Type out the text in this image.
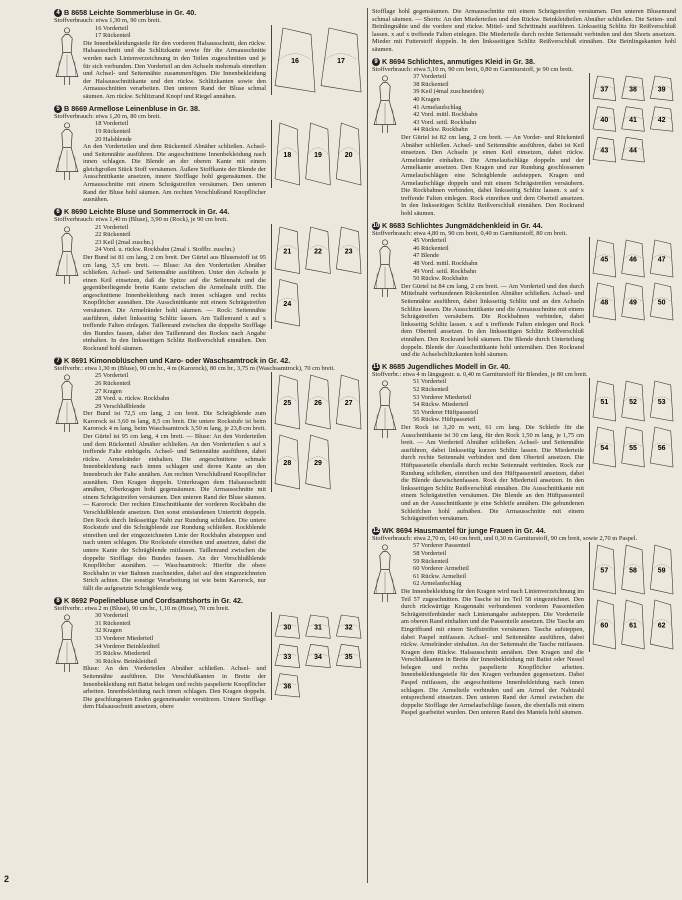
4 B 8658 Leichte Sommerbluse in Gr. 40.

Stoffverbrauch: etwa 1,30 m, 90 cm breit.

16 Vorderteil
17 Rückenteil

Die Innenbekleidungsteile für den vorderen Halsausschnitt, den rückw. Halsausschnitt und die Schlitzkante sowie für die Armausschnitte werden nach Linienverzeichnung in den Teilen zugeschnitten und je für sich verbunden. Den Vorderteil an den Achseln mehrmals einreihen und Achsel- und Seitennähte zusammenfügen. Die Innenbekleidung der Halsausschnittkante und den rückw. Schlitzkanten sowie den Armausschnitten verarbeiten. Den unteren Rand der Bluse schmal säumen. Am rückw. Schlitzrand Knopf und Riegel annähen.

16	17
5 B 8669 Armellose Leinenbluse in Gr. 38.

Stoffverbrauch: etwa 1,20 m, 80 cm breit.

18 Vorderteil
19 Rückenteil
20 Halsblende

An den Vorderteilen und dem Rückenteil Abnäher schließen. Achsel- und Seitennähte ausführen. Die angeschnittene Innenbekleidung nach innen schlagen. Die Blende an der oberen Kante mit einem gleichgroßen Stück Stoff versäumen. Äußere Stoffkante der Blende der Ausschnittkante ansetzen, innere Stofflage hohl gegensäumen. Die Armausschnitte mit einem Schrägstreifen versäumen. Den unteren Rand der Bluse hohl säumen. Am rechten Verschlußrand Knopflöcher ausnähen.

18	19	20
6 K 8690 Leichte Bluse und Sommerrock in Gr. 44.

Stoffverbrauch: etwa 1,40 m (Bluse), 3,90 m (Rock), je 90 cm breit.

21 Vorderteil
22 Rückenteil
23 Keil (2mal zuschn.)
24 Vord. u. rückw. Rockbahn (2mal i. Stoffbr. zuschn.)

Der Bund ist 81 cm lang, 2 cm breit. Der Gürtel aus Blusenstoff ist 95 cm lang, 3,5 cm breit. — Bluse: An den Vorderteilen Abnäher schließen. Achsel- und Seitennähte ausführen. Unter den Achseln je einen Keil einsetzen, daß die Spitze auf die Seitennaht und die gegenüberliegende breite Kante zwischen die Armelnaht trifft. Die angeschnittene Innenbekleidung nach innen schlagen und rechts Knopflöcher ausnähen. Die Ausschnittkante mit einem Schrägstreifen versäumen. Die Armelränder hohl säumen. — Rock: Seitennähte ausführen, dabei linksseitig Schlitz lassen. Am Taillenrand x auf x treffende Falten einlegen. Taillenrand zwischen die doppelte Stofflage des Bundes fassen, dabei den Taillenrand des Rockes nach Angabe einhalten. In den linksseitigen Schlitz Reißverschluß einnähen. Den Rockrand hohl säumen.

21	22	23
24
7 K 8691 Kimonoblüschen und Karo- oder Waschsamtrock in Gr. 42.

Stoffverbr.: etwa 1,30 m (Bluse), 90 cm br., 4 m (Karorock), 80 cm br., 3,75 m (Waschsamtrock), 70 cm breit.

25 Vorderteil
26 Rückenteil
27 Kragen
28 Vord. u. rückw. Rockbahn
29 Verschlußblende

Der Bund ist 72,5 cm lang, 2 cm breit. Die Schrägblende zum Karorock ist 3,60 m lang, 8,5 cm breit. Die untere Rockstufe ist beim Karorock 4 m lang, beim Waschsamtrock 3,50 m lang, je 23,8 cm breit. Der Gürtel ist 95 cm lang, 4 cm breit. — Bluse: An den Vorderteilen und dem Rückenteil Abnäher schließen. An den Vorderteilen x auf x treffende Falte einbügeln. Achsel- und Seitennähte ausführen, dabei rückw. Armelränder einhalten. Die angeschnittene schmale Innenbekleidung nach innen schlagen und deren Kante an den Innenbruch der Falte annähen. Am rechten Verschlußrand Knopflöcher ausnähen. Den Kragen doppeln. Unterkragen dem Halsausschnitt annähen, Oberkragen hohl gegensäumen. Die Armausschnitte mit einem Schrägstreifen versäumen. Den unteren Rand der Bluse säumen. — Karorock: Der rechten Einschnittkante der vorderen Rockbahn die Verschlußblende ansetzen. Den sonst entstandenen Untertritt doppeln. Den Rock durch linksseitige Naht zur Rundung schließen. Die untere Rockstufe und die Schrägblende zur Rundung schließen. Rockblende einreihen und der eingezeichneten Linie der Rockbahn absteppen und nach unten schlagen. Die Rockstufe einreihen und ansetzen, dabei die untere Kante der Schrägblende mitfassen. Taillenrand zwischen die doppelte Stofflage des Bundes fassen. An der Verschlußblende Knopflöcher ausnähen. — Waschsamtrock: Hierfür die obere Rockbahn in vier Bahnen zuschneiden, dabei auf den eingezeichneten Strich achten. Die sonstige Verarbeitung ist wie beim Karorock, nur fällt die aufgesetzte Schrägblende weg.

25	26	27
28	29
8 K 8692 Popelinebluse und Cordsamtshorts in Gr. 42.

Stoffverbr.: etwa 2 m (Bluse), 90 cm br., 1,10 m (Hose), 70 cm breit.

30 Vorderteil
31 Rückenteil
32 Kragen
33 Vorderer Miederteil
34 Vorderer Beinkleidteil
35 Rückw. Miederteil
36 Rückw. Beinkleidteil

Bluse: An den Vorderteilen Abnäher schließen. Achsel- und Seitennähte ausführen. Die Verschlußkanten in Breite der Innenbekleidung mit Batist belegen und rechts paspelierte Knopflöcher arbeiten. Innenbekleidung nach innen schlagen. Den Kragen doppeln. Die geschlungenen Enden gegeneinander verstürzen. Untere Stofflage dem Halsausschnitt ansetzen, obere

30	31	32
33	34	35
36

Stofflage hohl gegensäumen. Die Armausschnitte mit einem Schrägstreifen versäumen. Den unteren Blusenrand schmal säumen. — Shorts: An den Miederteilen und den Rückw. Beinkleidteilen Abnäher schließen. Die Seiten- und Beinlingnähte und die vordere und rückw. Mittel- und Schrittnaht ausführen. Linksseitig Schlitz für Reißverschluß lassen. x auf x treffende Falten einlegen. Die Miederteile durch rechte Seitennaht verbinden und den Shorts ansetzen. Mieder mit Futterstoff doppeln. In den linksseitigen Schlitz Reißverschluß einnähen. Die Beinlingskanten hohl säumen.

9 K 8694 Schlichtes, anmutiges Kleid in Gr. 38.

Stoffverbrauch: etwa 5,10 m, 90 cm breit, 0,80 m Garniturstoff, je 90 cm breit.

37 Vorderteil
38 Rückenteil
39 Keil (4mal zuschneiden)
40 Kragen
41 Armelaufschlag
42 Vord. mittl. Rockbahn
43 Vord. seitl. Rockbahn
44 Rückw. Rockbahn

Der Gürtel ist 82 cm lang, 2 cm breit. — An Vorder- und Rückenteil Abnäher schließen. Achsel- und Seitennähte ausführen, dabei ist Keil einsetzen. Den Achseln je einen Keil einsetzen, dabei rückw. Armelränder einhalten. Die Armelaufschläge doppeln und der Armelkante ansetzen. Den Kragen und zur Rundung geschlossenen Armelaufschlägen eine Schrägblende aufsteppen. Kragen und Armelaufschläge doppeln und mit einem Schrägstreifen versäubern. Die Rockbahnen verbinden, dabei linksseitig Schlitz lassen. x auf x treffende Falten einlegen. Rock einreihen und dem Oberteil ansetzen. In den linksseitigen Schlitz Reißverschluß einnähen. Den Rockrand hohl säumen.

37	38	39
40	41	42
43	44
10 K 8683 Schlichtes Jungmädchenkleid in Gr. 44.

Stoffverbrauch: etwa 4,80 m, 90 cm breit, 0,40 m Garniturstoff, 80 cm breit.

45 Vorderteil
46 Rückenteil
47 Blende
48 Vord. mittl. Rockbahn
49 Vord. seitl. Rockbahn
50 Rückw. Rockbahn

Der Gürtel ist 84 cm lang, 2 cm breit. — Am Vorderteil und den durch Mittelnaht verbundenen Rückenteilen Abnäher schließen. Achsel- und Seitennähte ausführen, dabei linksseitig Schlitz und an den Achseln Schlitze lassen. Die Ausschnittkante und die Armausschnitte mit einem Schrägstreifen versäubern. Die Rockbahnen verbinden, dabei linksseitig Schlitz lassen. x auf x treffende Falten einlegen und Rock dem Oberteil ansetzen. In den linksseitigen Schlitz Reißverschluß einnähen. Den Rockrand hohl säumen. Die Blende durch Unterteilung doppeln. Blende der Ausschnittkante hohl unternähen. Den Rockrand und die Achselschlitzkanten hohl säumen.

45	46	47
48	49	50
11 K 8685 Jugendliches Modell in Gr. 40.

Stoffverbr.: etwa 4 m längsgestr. u. 0,40 m Garniturstoff für Blenden, je 80 cm breit.

51 Vorderteil
52 Rückenteil
53 Vorderer Miederteil
54 Rückw. Miederteil
55 Vorderer Hüftpasseteil
56 Rückw. Hüftpasseteil

Der Rock ist 3,20 m weit, 61 cm lang. Die Schleife für die Ausschnittkante ist 30 cm lang, für den Rock 1,50 m lang, je 1,75 cm breit. — Am Vorderteil Abnäher schließen. Achsel- und Seitennähte ausführen, dabei linksseitig kurzen Schlitz lassen. Die Miederteile durch rechte Seitennaht verbinden und dem Oberteil ansetzen. Die Hüftpasseteile ebenfalls durch rechte Seitennaht verbinden. Rock zur Rundung schließen, einreihen und den Hüftpassenteil ansetzen, dabei die Blende dazwischenfassen. Rock der Miederteil ansetzen. In den linksseitigen Schlitz Reißverschluß einnähen. Die Ausschnittkante mit einem Schrägstreifen versäumen. Die Blende an den Hüftpassenteil und an der Ausschnittkante je eine Schleife annähen. Die gebundenen Schleifchen hohl aufnähen. Die Armausschnitte mit einem Schrägstreifen versäumen.

51	52	53
54	55	56
12 WK 8694 Hausmantel für junge Frauen in Gr. 44.

Stoffverbrauch: etwa 2,70 m, 140 cm breit, und 0,30 m Garniturstoff, 90 cm breit, sowie 2,70 m Paspel.

57 Vorderer Passenteil
58 Vorderteil
59 Rückenteil
60 Vorderer Armelteil
61 Rückw. Armelteil
62 Armelaufschlag

Die Innenbekleidung für den Kragen wird nach Linienverzeichnung im Teil 57 zugeschnitten. Die Tasche ist im Teil 58 eingezeichnet. Den durch rückwärtige Kragennaht verbundenen vorderen Passenteilen Schrägstreifenbänder nach Linienangabe aufsteppen. Die Vorderteile am oberen Rand einhalten und die Passenteile ansetzen. Die Tasche am Eingriffrand mit einem Stoffstreifen versäumen. Tasche aufsteppen, dabei Paspel mitfassen. Achsel- und Seitennähte ausführen, dabei rückw. Armelränder einhalten. An der Seitennaht die Tasche mitfassen. Kragen dem Rückw. Halsausschnitt annähen. Den Kragen und die Verschlußkanten in Breite der Innenbekleidung mit Batist oder Nessel belegen und rechts paspelierte Knopflöcher arbeiten. Innenbekleidungsteile für den Kragen verbunden gegensetzen. Dabei Paspel mitfassen, die angeschnittene Innenbekleidung nach innen schlagen. Die Armelteile verbinden und am Armel der Nahtzahl entsprechend einsetzen. Den unteren Rand der Armel zwischen die doppelte Stofflage der Armelaufschläge fassen, die ebenfalls mit einem Paspel gearbeitet wurden. Den unteren Rand des Mantels hohl säumen.

57	58	59
60	61	62
2
